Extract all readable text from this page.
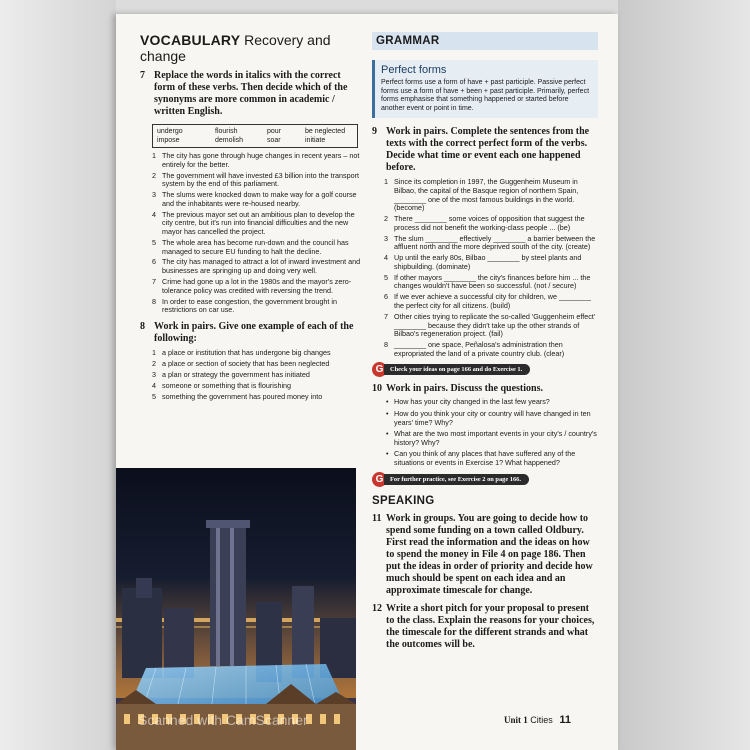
VOCABULARY Recovery and change
7 Replace the words in italics with the correct form of these verbs. Then decide which of the synonyms are more common in academic / written English.
undergo	flourish	pour	be neglected
impose	demolish	soar	initiate
1 The city has gone through huge changes in recent years – not entirely for the better.
2 The government will have invested £3 billion into the transport system by the end of this parliament.
3 The slums were knocked down to make way for a golf course and the inhabitants were re-housed nearby.
4 The previous mayor set out an ambitious plan to develop the city centre, but it's run into financial difficulties and the new mayor has cancelled the project.
5 The whole area has become run-down and the council has managed to secure EU funding to halt the decline.
6 The city has managed to attract a lot of inward investment and businesses are springing up and doing very well.
7 Crime had gone up a lot in the 1980s and the mayor's zero-tolerance policy was credited with reversing the trend.
8 In order to ease congestion, the government brought in restrictions on car use.
8 Work in pairs. Give one example of each of the following:
1 a place or institution that has undergone big changes
2 a place or section of society that has been neglected
3 a plan or strategy the government has initiated
4 someone or something that is flourishing
5 something the government has poured money into
GRAMMAR
Perfect forms
Perfect forms use a form of have + past participle. Passive perfect forms use a form of have + been + past participle. Primarily, perfect forms emphasise that something happened or started before another event or point in time.
9 Work in pairs. Complete the sentences from the texts with the correct perfect form of the verbs. Decide what time or event each one happened before.
1 Since its completion in 1997, the Guggenheim Museum in Bilbao, the capital of the Basque region of northern Spain, ________ one of the most famous buildings in the world. (become)
2 There ________ some voices of opposition that suggest the process did not benefit the working-class people ... (be)
3 The slum ________ effectively ________ a barrier between the affluent north and the more deprived south of the city. (create)
4 Up until the early 80s, Bilbao ________ by steel plants and shipbuilding. (dominate)
5 If other mayors ________ the city's finances before him ... the changes wouldn't have been so successful. (not / secure)
6 If we ever achieve a successful city for children, we ________ the perfect city for all citizens. (build)
7 Other cities trying to replicate the so-called 'Guggenheim effect' ________ because they didn't take up the other strands of Bilbao's regeneration project. (fail)
8 ________ one space, Peñalosa's administration then expropriated the land of a private country club. (clear)
G	Check your ideas on page 166 and do Exercise 1.
10 Work in pairs. Discuss the questions.
• How has your city changed in the last few years?
• How do you think your city or country will have changed in ten years' time? Why?
• What are the two most important events in your city's / country's history? Why?
• Can you think of any places that have suffered any of the situations or events in Exercise 1? What happened?
G	For further practice, see Exercise 2 on page 166.
SPEAKING
11 Work in groups. You are going to decide how to spend some funding on a town called Oldbury. First read the information and the ideas on how to spend the money in File 4 on page 186. Then put the ideas in order of priority and decide how much should be spent on each idea and an approximate timescale for change.
12 Write a short pitch for your proposal to present to the class. Explain the reasons for your choices, the timescale for the different strands and what the outcomes will be.
Unit 1 Cities 11
Scanned with CamScanner
